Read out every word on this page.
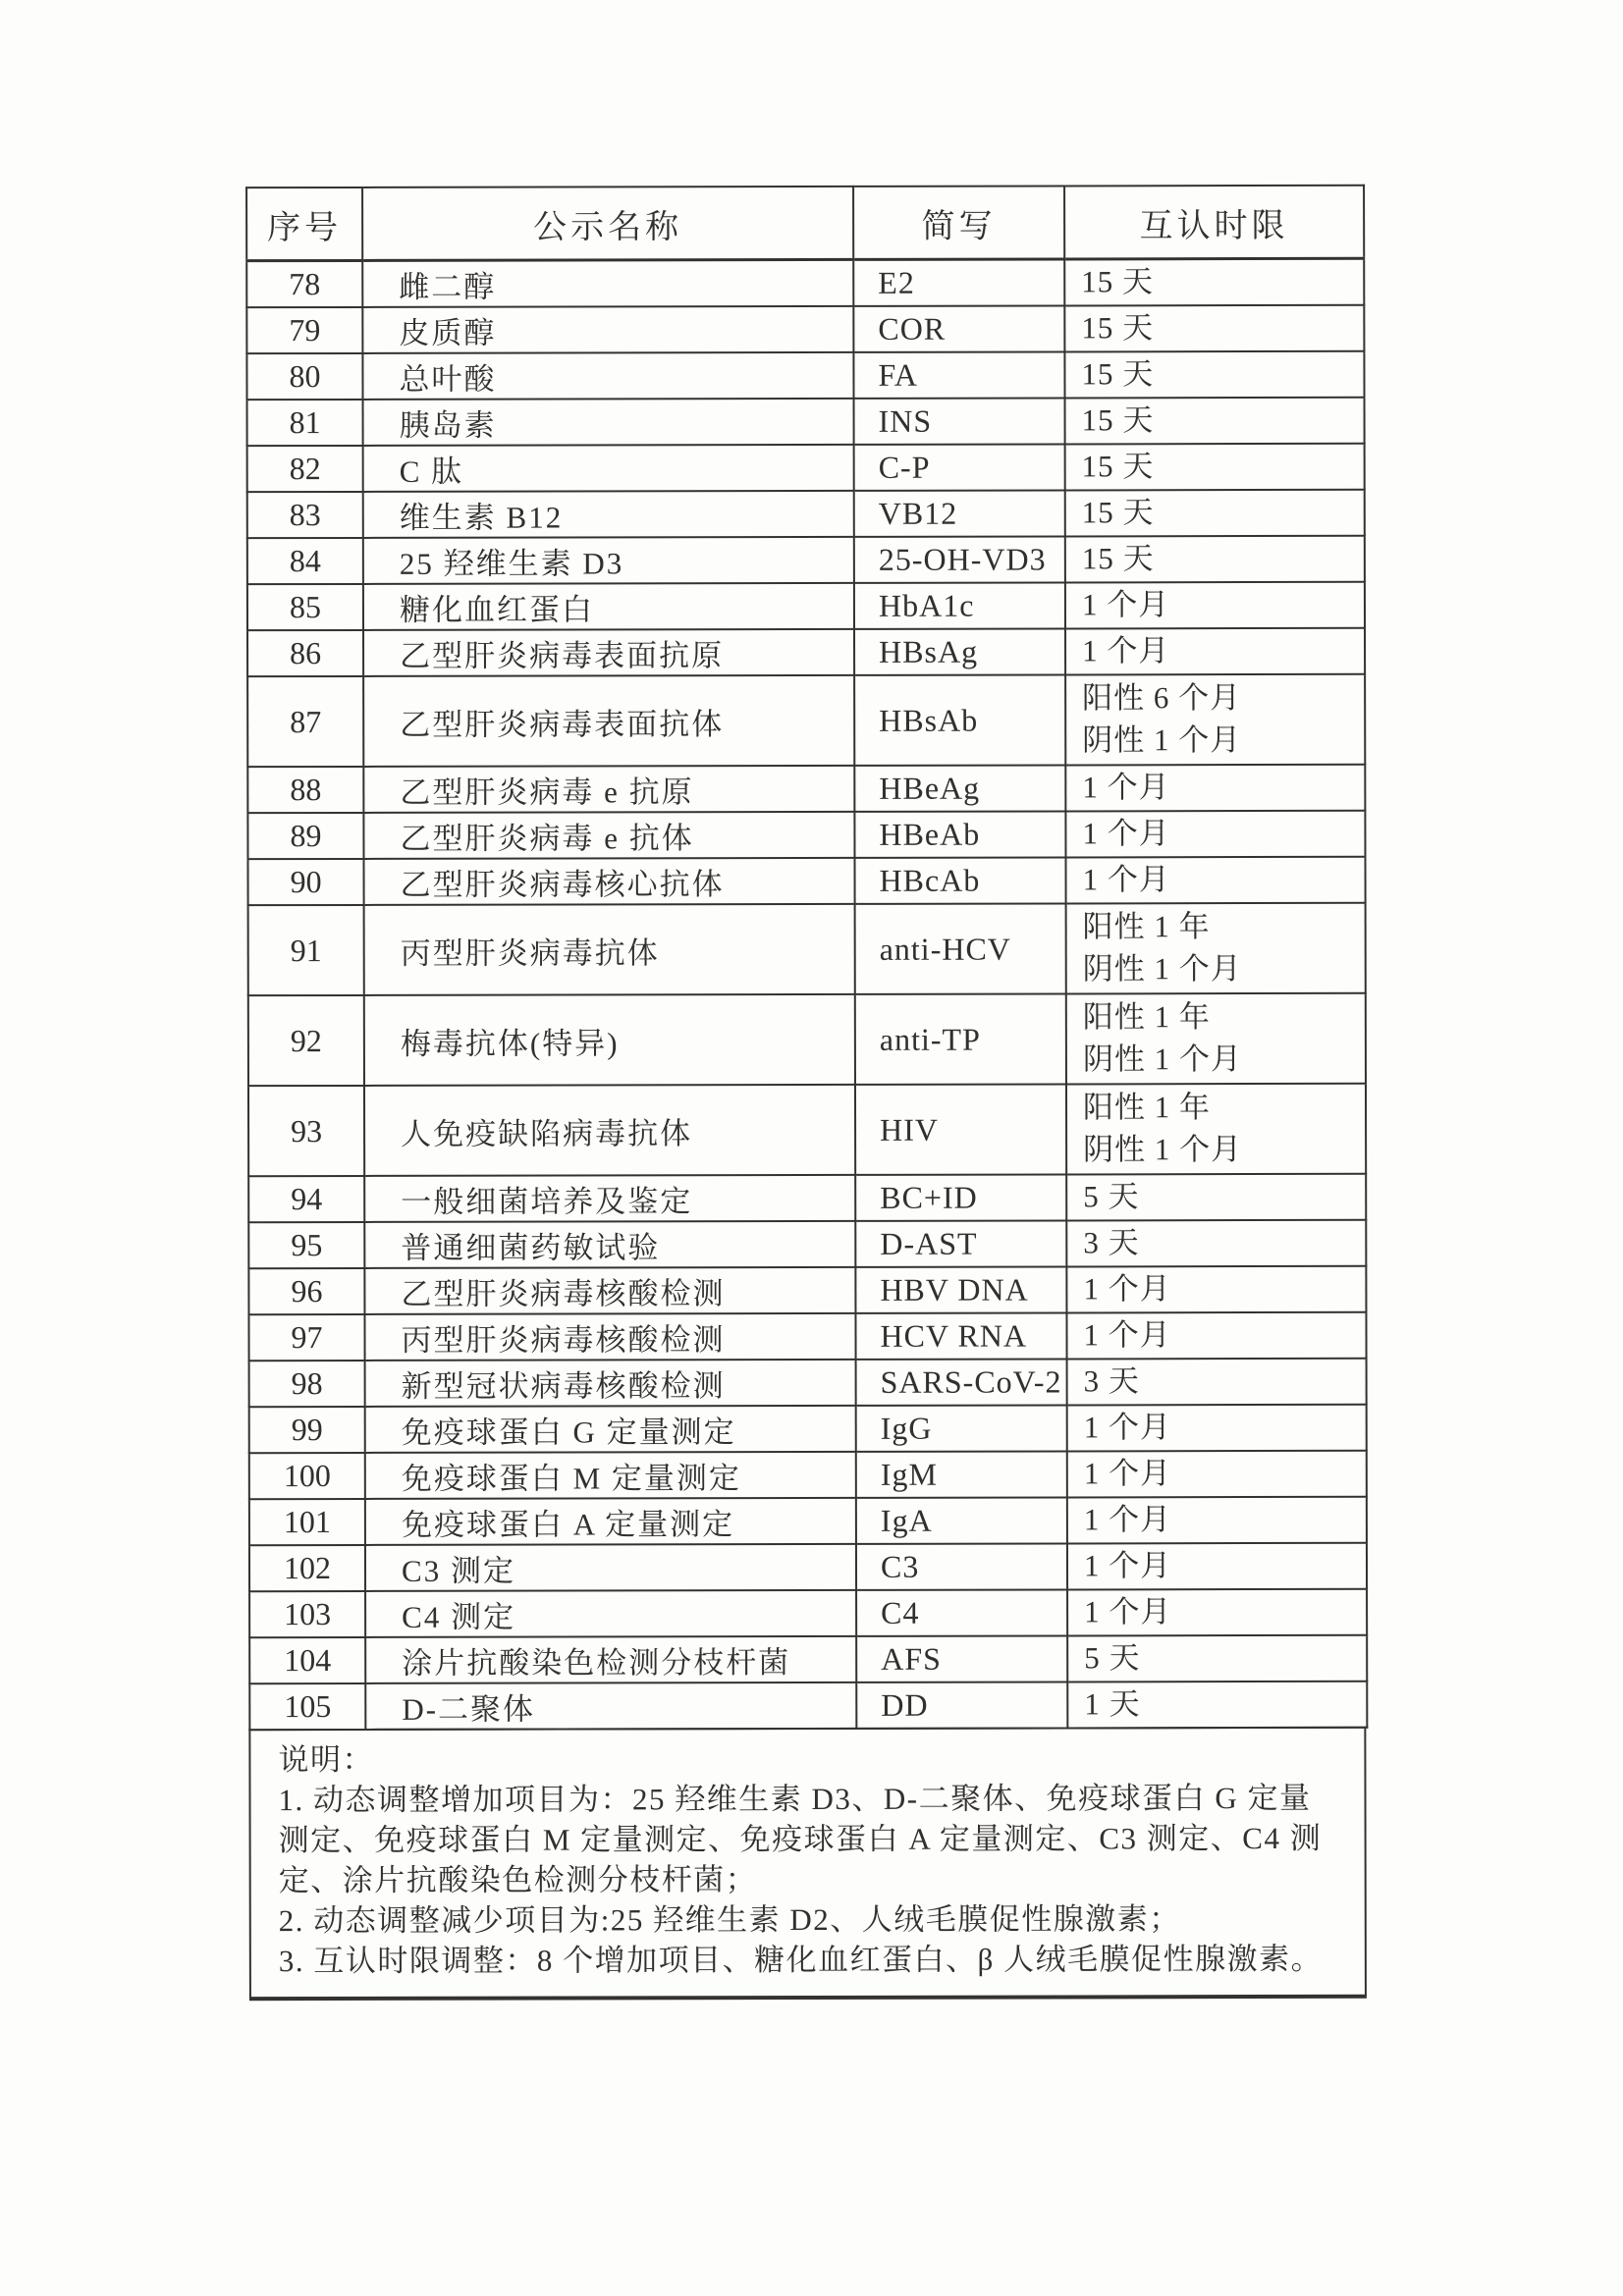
序号	公示名称	简写	互认时限
78	雌二醇	E2	15 天
79	皮质醇	COR	15 天
80	总叶酸	FA	15 天
81	胰岛素	INS	15 天
82	C 肽	C-P	15 天
83	维生素 B12	VB12	15 天
84	25 羟维生素 D3	25-OH-VD3	15 天
85	糖化血红蛋白	HbA1c	1 个月
86	乙型肝炎病毒表面抗原	HBsAg	1 个月
87	乙型肝炎病毒表面抗体	HBsAb	阳性 6 个月
阴性 1 个月
88	乙型肝炎病毒 e 抗原	HBeAg	1 个月
89	乙型肝炎病毒 e 抗体	HBeAb	1 个月
90	乙型肝炎病毒核心抗体	HBcAb	1 个月
91	丙型肝炎病毒抗体	anti-HCV	阳性 1 年
阴性 1 个月
92	梅毒抗体(特异)	anti-TP	阳性 1 年
阴性 1 个月
93	人免疫缺陷病毒抗体	HIV	阳性 1 年
阴性 1 个月
94	一般细菌培养及鉴定	BC+ID	5 天
95	普通细菌药敏试验	D-AST	3 天
96	乙型肝炎病毒核酸检测	HBV DNA	1 个月
97	丙型肝炎病毒核酸检测	HCV RNA	1 个月
98	新型冠状病毒核酸检测	SARS-CoV-2	3 天
99	免疫球蛋白 G 定量测定	IgG	1 个月
100	免疫球蛋白 M 定量测定	IgM	1 个月
101	免疫球蛋白 A 定量测定	IgA	1 个月
102	C3 测定	C3	1 个月
103	C4 测定	C4	1 个月
104	涂片抗酸染色检测分枝杆菌	AFS	5 天
105	D-二聚体	DD	1 天

说明：

1. 动态调整增加项目为：25 羟维生素 D3、D-二聚体、免疫球蛋白 G 定量测定、免疫球蛋白 M 定量测定、免疫球蛋白 A 定量测定、C3 测定、C4 测定、涂片抗酸染色检测分枝杆菌；

2. 动态调整减少项目为:25 羟维生素 D2、人绒毛膜促性腺激素；

3. 互认时限调整：8 个增加项目、糖化血红蛋白、β 人绒毛膜促性腺激素。
